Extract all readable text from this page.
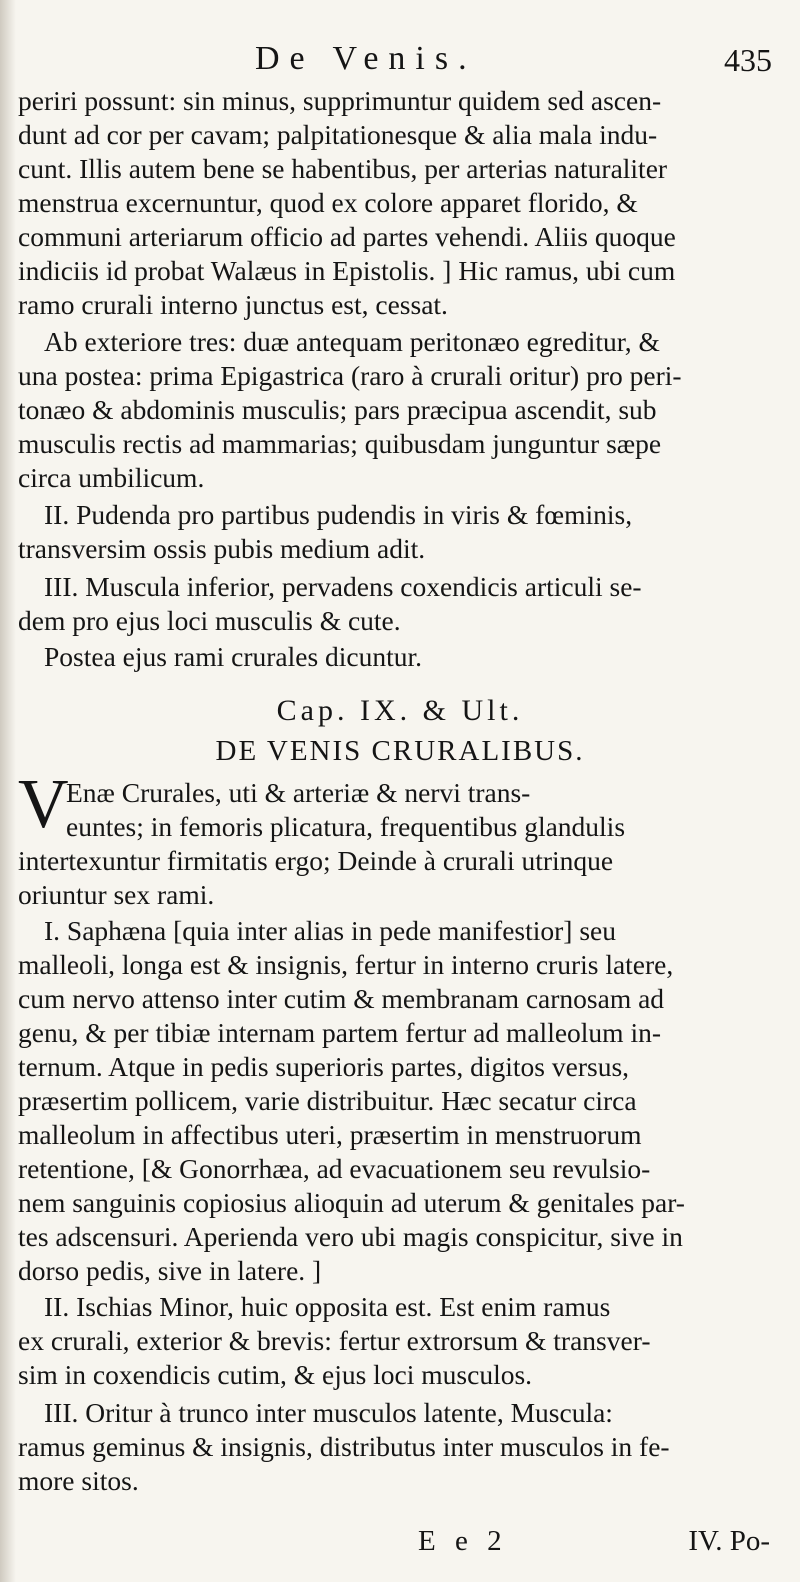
De Venis.	435
periri possunt: sin minus, supprimuntur quidem sed ascen-
dunt ad cor per cavam; palpitationesque & alia mala indu-
cunt. Illis autem bene se habentibus, per arterias naturaliter
menstrua excernuntur, quod ex colore apparet florido, &
communi arteriarum officio ad partes vehendi. Aliis quoque
indiciis id probat Walæus in Epistolis. ] Hic ramus, ubi cum
ramo crurali interno junctus est, cessat.
Ab exteriore tres: duæ antequam peritonæo egreditur, &
una postea: prima Epigastrica (raro à crurali oritur) pro peri-
tonæo & abdominis musculis; pars præcipua ascendit, sub
musculis rectis ad mammarias; quibusdam junguntur sæpe
circa umbilicum.
II. Pudenda pro partibus pudendis in viris & fœminis,
transversim ossis pubis medium adit.
III. Muscula inferior, pervadens coxendicis articuli se-
dem pro ejus loci musculis & cute.
Postea ejus rami crurales dicuntur.
Cap. IX. & Ult.
DE VENIS CRURALIBUS.
V
Enæ Crurales, uti & arteriæ & nervi trans-
euntes; in femoris plicatura, frequentibus glandulis
intertexuntur firmitatis ergo; Deinde à crurali utrinque
oriuntur sex rami.
I. Saphæna [quia inter alias in pede manifestior] seu
malleoli, longa est & insignis, fertur in interno cruris latere,
cum nervo attenso inter cutim & membranam carnosam ad
genu, & per tibiæ internam partem fertur ad malleolum in-
ternum. Atque in pedis superioris partes, digitos versus,
præsertim pollicem, varie distribuitur. Hæc secatur circa
malleolum in affectibus uteri, præsertim in menstruorum
retentione, [& Gonorrhæa, ad evacuationem seu revulsio-
nem sanguinis copiosius alioquin ad uterum & genitales par-
tes adscensuri. Aperienda vero ubi magis conspicitur, sive in
dorso pedis, sive in latere. ]
II. Ischias Minor, huic opposita est. Est enim ramus
ex crurali, exterior & brevis: fertur extrorsum & transver-
sim in coxendicis cutim, & ejus loci musculos.
III. Oritur à trunco inter musculos latente, Muscula:
ramus geminus & insignis, distributus inter musculos in fe-
more sitos.
E e 2	IV. Po-
